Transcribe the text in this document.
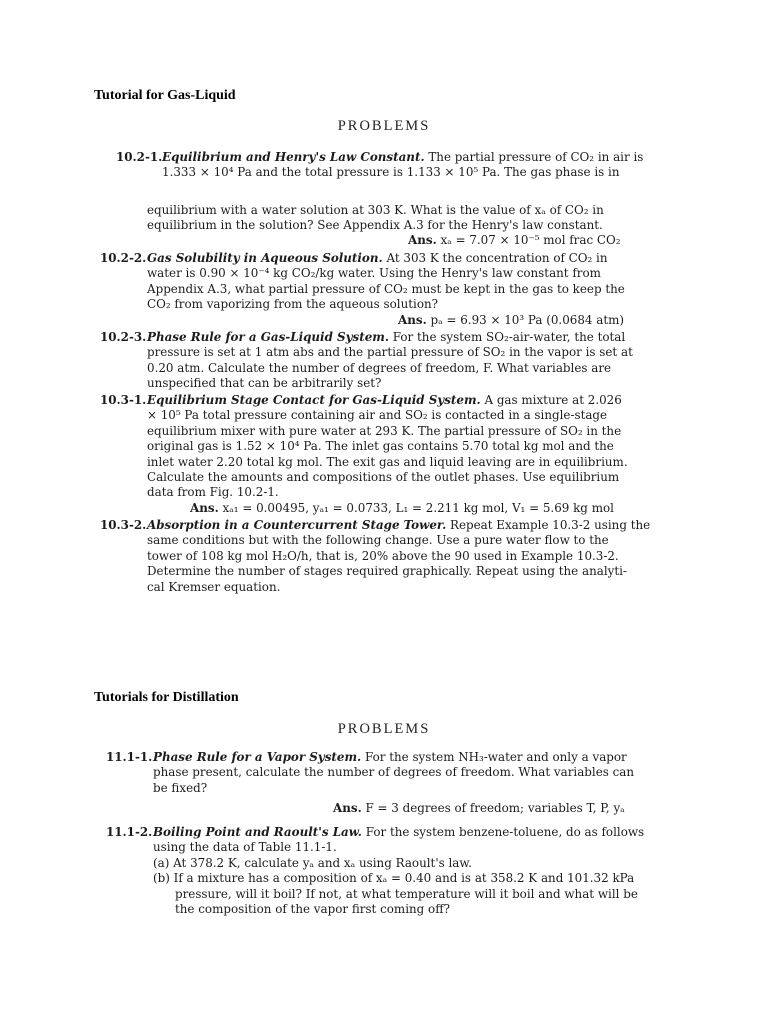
Tutorial for Gas-Liquid
PROBLEMS
10.2-1. Equilibrium and Henry's Law Constant. The partial pressure of CO₂ in air is
1.333 × 10⁴ Pa and the total pressure is 1.133 × 10⁵ Pa. The gas phase is in
equilibrium with a water solution at 303 K. What is the value of xₐ of CO₂ in
equilibrium in the solution? See Appendix A.3 for the Henry's law constant.
Ans. xₐ = 7.07 × 10⁻⁵ mol frac CO₂
10.2-2. Gas Solubility in Aqueous Solution. At 303 K the concentration of CO₂ in
water is 0.90 × 10⁻⁴ kg CO₂/kg water. Using the Henry's law constant from
Appendix A.3, what partial pressure of CO₂ must be kept in the gas to keep the
CO₂ from vaporizing from the aqueous solution?
Ans. pₐ = 6.93 × 10³ Pa (0.0684 atm)
10.2-3. Phase Rule for a Gas-Liquid System. For the system SO₂-air-water, the total
pressure is set at 1 atm abs and the partial pressure of SO₂ in the vapor is set at
0.20 atm. Calculate the number of degrees of freedom, F. What variables are
unspecified that can be arbitrarily set?
10.3-1. Equilibrium Stage Contact for Gas-Liquid System. A gas mixture at 2.026
× 10⁵ Pa total pressure containing air and SO₂ is contacted in a single-stage
equilibrium mixer with pure water at 293 K. The partial pressure of SO₂ in the
original gas is 1.52 × 10⁴ Pa. The inlet gas contains 5.70 total kg mol and the
inlet water 2.20 total kg mol. The exit gas and liquid leaving are in equilibrium.
Calculate the amounts and compositions of the outlet phases. Use equilibrium
data from Fig. 10.2-1.
Ans. xₐ₁ = 0.00495, yₐ₁ = 0.0733, L₁ = 2.211 kg mol, V₁ = 5.69 kg mol
10.3-2. Absorption in a Countercurrent Stage Tower. Repeat Example 10.3-2 using the
same conditions but with the following change. Use a pure water flow to the
tower of 108 kg mol H₂O/h, that is, 20% above the 90 used in Example 10.3-2.
Determine the number of stages required graphically. Repeat using the analyti-
cal Kremser equation.
Tutorials for Distillation
PROBLEMS
11.1-1. Phase Rule for a Vapor System. For the system NH₃-water and only a vapor
phase present, calculate the number of degrees of freedom. What variables can
be fixed?
Ans. F = 3 degrees of freedom; variables T, P, yₐ
11.1-2. Boiling Point and Raoult's Law. For the system benzene-toluene, do as follows
using the data of Table 11.1-1.
(a) At 378.2 K, calculate yₐ and xₐ using Raoult's law.
(b) If a mixture has a composition of xₐ = 0.40 and is at 358.2 K and 101.32 kPa
pressure, will it boil? If not, at what temperature will it boil and what will be
the composition of the vapor first coming off?
